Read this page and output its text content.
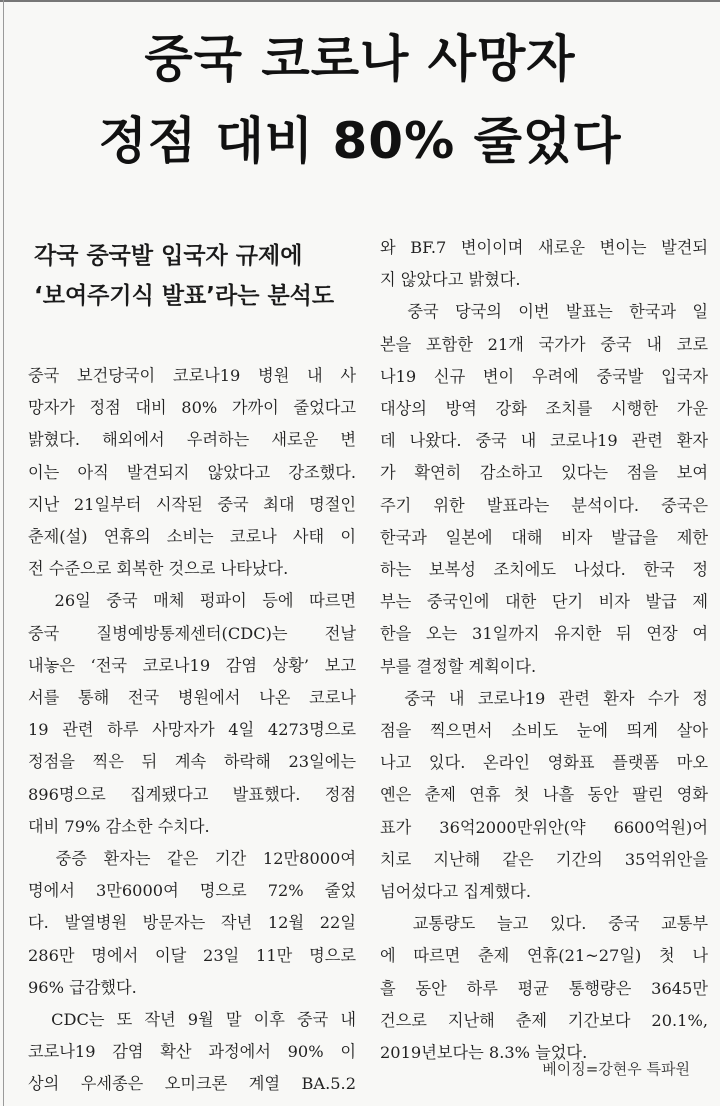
중국 코로나 사망자
정점 대비 80% 줄었다
각국 중국발 입국자 규제에
‘보여주기식 발표’라는 분석도
중국 보건당국이 코로나19 병원 내 사
망자가 정점 대비 80% 가까이 줄었다고
밝혔다. 해외에서 우려하는 새로운 변
이는 아직 발견되지 않았다고 강조했다.
지난 21일부터 시작된 중국 최대 명절인
춘제(설) 연휴의 소비는 코로나 사태 이
전 수준으로 회복한 것으로 나타났다.
　26일 중국 매체 펑파이 등에 따르면
중국 질병예방통제센터(CDC)는 전날
내놓은 ‘전국 코로나19 감염 상황’ 보고
서를 통해 전국 병원에서 나온 코로나
19 관련 하루 사망자가 4일 4273명으로
정점을 찍은 뒤 계속 하락해 23일에는
896명으로 집계됐다고 발표했다. 정점
대비 79% 감소한 수치다.
　중증 환자는 같은 기간 12만8000여
명에서 3만6000여 명으로 72% 줄었
다. 발열병원 방문자는 작년 12월 22일
286만 명에서 이달 23일 11만 명으로
96% 급감했다.
　CDC는 또 작년 9월 말 이후 중국 내
코로나19 감염 확산 과정에서 90% 이
상의 우세종은 오미크론 계열 BA.5.2
와 BF.7 변이이며 새로운 변이는 발견되
지 않았다고 밝혔다.
　중국 당국의 이번 발표는 한국과 일
본을 포함한 21개 국가가 중국 내 코로
나19 신규 변이 우려에 중국발 입국자
대상의 방역 강화 조치를 시행한 가운
데 나왔다. 중국 내 코로나19 관련 환자
가 확연히 감소하고 있다는 점을 보여
주기 위한 발표라는 분석이다. 중국은
한국과 일본에 대해 비자 발급을 제한
하는 보복성 조치에도 나섰다. 한국 정
부는 중국인에 대한 단기 비자 발급 제
한을 오는 31일까지 유지한 뒤 연장 여
부를 결정할 계획이다.
　중국 내 코로나19 관련 환자 수가 정
점을 찍으면서 소비도 눈에 띄게 살아
나고 있다. 온라인 영화표 플랫폼 마오
옌은 춘제 연휴 첫 나흘 동안 팔린 영화
표가 36억2000만위안(약 6600억원)어
치로 지난해 같은 기간의 35억위안을
넘어섰다고 집계했다.
　교통량도 늘고 있다. 중국 교통부
에 따르면 춘제 연휴(21~27일) 첫 나
흘 동안 하루 평균 통행량은 3645만
건으로 지난해 춘제 기간보다 20.1%,
2019년보다는 8.3% 늘었다.
베이징=강현우 특파원
